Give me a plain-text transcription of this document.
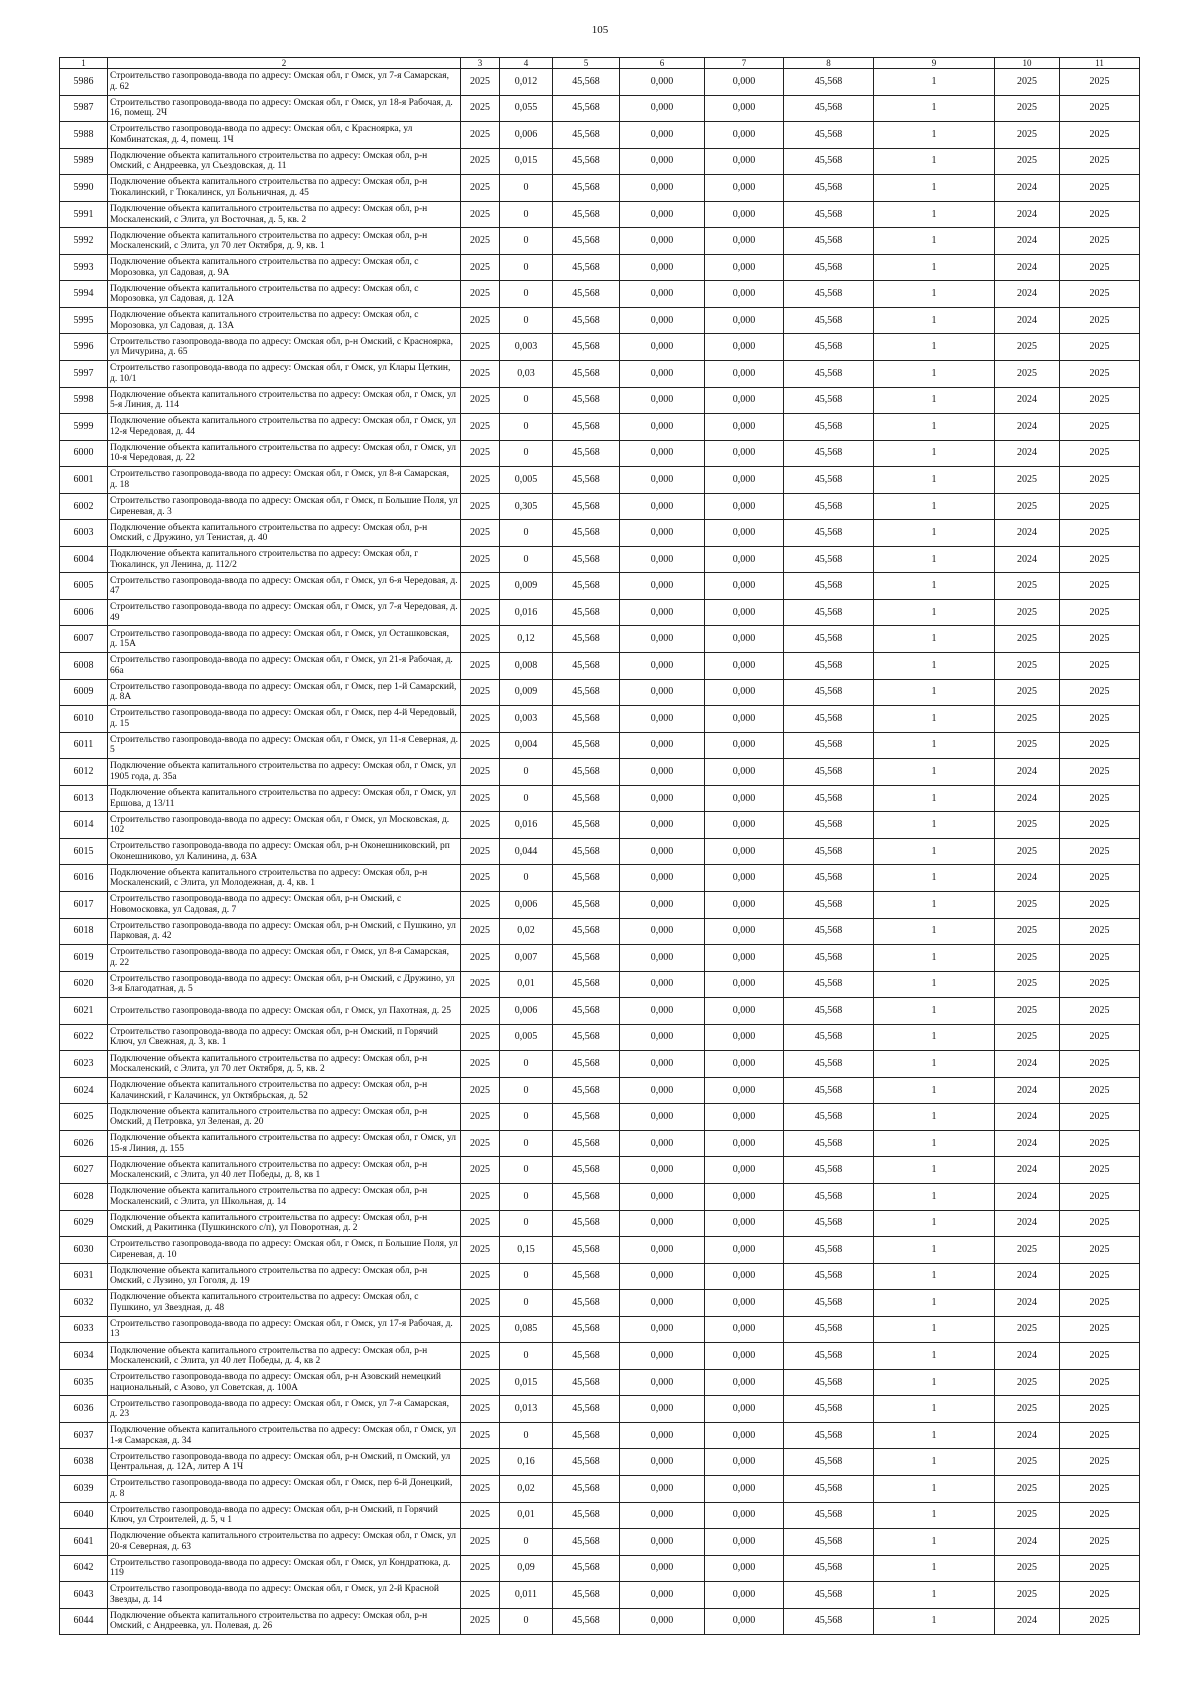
105
1	2	3	4	5	6	7	8	9	10	11
5986	Строительство газопровода-ввода по адресу: Омская обл, г Омск, ул 7-я Самарская, д. 62	2025	0,012	45,568	0,000	0,000	45,568	1	2025	2025
5987	Строительство газопровода-ввода по адресу: Омская обл, г Омск, ул 18-я Рабочая, д. 16, помещ. 2Ч	2025	0,055	45,568	0,000	0,000	45,568	1	2025	2025
5988	Строительство газопровода-ввода по адресу: Омская обл, с Красноярка, ул Комбинатская, д. 4, помещ. 1Ч	2025	0,006	45,568	0,000	0,000	45,568	1	2025	2025
5989	Подключение объекта капитального строительства по адресу: Омская обл, р-н Омский, с Андреевка, ул Съездовская, д. 11	2025	0,015	45,568	0,000	0,000	45,568	1	2025	2025
5990	Подключение объекта капитального строительства по адресу: Омская обл, р-н Тюкалинский, г Тюкалинск, ул Больничная, д. 45	2025	0	45,568	0,000	0,000	45,568	1	2024	2025
5991	Подключение объекта капитального строительства по адресу: Омская обл, р-н Москаленский, с Элита, ул Восточная, д. 5, кв. 2	2025	0	45,568	0,000	0,000	45,568	1	2024	2025
5992	Подключение объекта капитального строительства по адресу: Омская обл, р-н Москаленский, с Элита, ул 70 лет Октября, д. 9, кв. 1	2025	0	45,568	0,000	0,000	45,568	1	2024	2025
5993	Подключение объекта капитального строительства по адресу: Омская обл, с Морозовка, ул Садовая, д. 9А	2025	0	45,568	0,000	0,000	45,568	1	2024	2025
5994	Подключение объекта капитального строительства по адресу: Омская обл, с Морозовка, ул Садовая, д. 12А	2025	0	45,568	0,000	0,000	45,568	1	2024	2025
5995	Подключение объекта капитального строительства по адресу: Омская обл, с Морозовка, ул Садовая, д. 13А	2025	0	45,568	0,000	0,000	45,568	1	2024	2025
5996	Строительство газопровода-ввода по адресу: Омская обл, р-н Омский, с Красноярка, ул Мичурина, д. 65	2025	0,003	45,568	0,000	0,000	45,568	1	2025	2025
5997	Строительство газопровода-ввода по адресу: Омская обл, г Омск, ул Клары Цеткин, д. 10/1	2025	0,03	45,568	0,000	0,000	45,568	1	2025	2025
5998	Подключение объекта капитального строительства по адресу: Омская обл, г Омск, ул 5-я Линия, д. 114	2025	0	45,568	0,000	0,000	45,568	1	2024	2025
5999	Подключение объекта капитального строительства по адресу: Омская обл, г Омск, ул 12-я Чередовая, д. 44	2025	0	45,568	0,000	0,000	45,568	1	2024	2025
6000	Подключение объекта капитального строительства по адресу: Омская обл, г Омск, ул 10-я Чередовая, д. 22	2025	0	45,568	0,000	0,000	45,568	1	2024	2025
6001	Строительство газопровода-ввода по адресу: Омская обл, г Омск, ул 8-я Самарская, д. 18	2025	0,005	45,568	0,000	0,000	45,568	1	2025	2025
6002	Строительство газопровода-ввода по адресу: Омская обл, г Омск, п Большие Поля, ул Сиреневая, д. 3	2025	0,305	45,568	0,000	0,000	45,568	1	2025	2025
6003	Подключение объекта капитального строительства по адресу: Омская обл, р-н Омский, с Дружино, ул Тенистая, д. 40	2025	0	45,568	0,000	0,000	45,568	1	2024	2025
6004	Подключение объекта капитального строительства по адресу: Омская обл, г Тюкалинск, ул Ленина, д. 112/2	2025	0	45,568	0,000	0,000	45,568	1	2024	2025
6005	Строительство газопровода-ввода по адресу: Омская обл, г Омск, ул 6-я Чередовая, д. 47	2025	0,009	45,568	0,000	0,000	45,568	1	2025	2025
6006	Строительство газопровода-ввода по адресу: Омская обл, г Омск, ул 7-я Чередовая, д. 49	2025	0,016	45,568	0,000	0,000	45,568	1	2025	2025
6007	Строительство газопровода-ввода по адресу: Омская обл, г Омск, ул Осташковская, д. 15А	2025	0,12	45,568	0,000	0,000	45,568	1	2025	2025
6008	Строительство газопровода-ввода по адресу: Омская обл, г Омск, ул 21-я Рабочая, д. 66а	2025	0,008	45,568	0,000	0,000	45,568	1	2025	2025
6009	Строительство газопровода-ввода по адресу: Омская обл, г Омск, пер 1-й Самарский, д. 8А	2025	0,009	45,568	0,000	0,000	45,568	1	2025	2025
6010	Строительство газопровода-ввода по адресу: Омская обл, г Омск, пер 4-й Чередовый, д. 15	2025	0,003	45,568	0,000	0,000	45,568	1	2025	2025
6011	Строительство газопровода-ввода по адресу: Омская обл, г Омск, ул 11-я Северная, д. 5	2025	0,004	45,568	0,000	0,000	45,568	1	2025	2025
6012	Подключение объекта капитального строительства по адресу: Омская обл, г Омск, ул 1905 года, д. 35а	2025	0	45,568	0,000	0,000	45,568	1	2024	2025
6013	Подключение объекта капитального строительства по адресу: Омская обл, г Омск, ул Ершова, д 13/11	2025	0	45,568	0,000	0,000	45,568	1	2024	2025
6014	Строительство газопровода-ввода по адресу: Омская обл, г Омск, ул Московская, д. 102	2025	0,016	45,568	0,000	0,000	45,568	1	2025	2025
6015	Строительство газопровода-ввода по адресу: Омская обл, р-н Оконешниковский, рп Оконешниково, ул Калинина, д. 63А	2025	0,044	45,568	0,000	0,000	45,568	1	2025	2025
6016	Подключение объекта капитального строительства по адресу: Омская обл, р-н Москаленский, с Элита, ул Молодежная, д. 4, кв. 1	2025	0	45,568	0,000	0,000	45,568	1	2024	2025
6017	Строительство газопровода-ввода по адресу: Омская обл, р-н Омский, с Новомосковка, ул Садовая, д. 7	2025	0,006	45,568	0,000	0,000	45,568	1	2025	2025
6018	Строительство газопровода-ввода по адресу: Омская обл, р-н Омский, с Пушкино, ул Парковая, д. 42	2025	0,02	45,568	0,000	0,000	45,568	1	2025	2025
6019	Строительство газопровода-ввода по адресу: Омская обл, г Омск, ул 8-я Самарская, д. 22	2025	0,007	45,568	0,000	0,000	45,568	1	2025	2025
6020	Строительство газопровода-ввода по адресу: Омская обл, р-н Омский, с Дружино, ул 3-я Благодатная, д. 5	2025	0,01	45,568	0,000	0,000	45,568	1	2025	2025
6021	Строительство газопровода-ввода по адресу: Омская обл, г Омск, ул Пахотная, д. 25	2025	0,006	45,568	0,000	0,000	45,568	1	2025	2025
6022	Строительство газопровода-ввода по адресу: Омская обл, р-н Омский, п Горячий Ключ, ул Свежная, д. 3, кв. 1	2025	0,005	45,568	0,000	0,000	45,568	1	2025	2025
6023	Подключение объекта капитального строительства по адресу: Омская обл, р-н Москаленский, с Элита, ул 70 лет Октября, д. 5, кв. 2	2025	0	45,568	0,000	0,000	45,568	1	2024	2025
6024	Подключение объекта капитального строительства по адресу: Омская обл, р-н Калачинский, г Калачинск, ул Октябрьская, д. 52	2025	0	45,568	0,000	0,000	45,568	1	2024	2025
6025	Подключение объекта капитального строительства по адресу: Омская обл, р-н Омский, д Петровка, ул Зеленая, д. 20	2025	0	45,568	0,000	0,000	45,568	1	2024	2025
6026	Подключение объекта капитального строительства по адресу: Омская обл, г Омск, ул 15-я Линия, д. 155	2025	0	45,568	0,000	0,000	45,568	1	2024	2025
6027	Подключение объекта капитального строительства по адресу: Омская обл, р-н Москаленский, с Элита, ул 40 лет Победы, д. 8, кв 1	2025	0	45,568	0,000	0,000	45,568	1	2024	2025
6028	Подключение объекта капитального строительства по адресу: Омская обл, р-н Москаленский, с Элита, ул Школьная, д. 14	2025	0	45,568	0,000	0,000	45,568	1	2024	2025
6029	Подключение объекта капитального строительства по адресу: Омская обл, р-н Омский, д Ракитинка (Пушкинского с/п), ул Поворотная, д. 2	2025	0	45,568	0,000	0,000	45,568	1	2024	2025
6030	Строительство газопровода-ввода по адресу: Омская обл, г Омск, п Большие Поля, ул Сиреневая, д. 10	2025	0,15	45,568	0,000	0,000	45,568	1	2025	2025
6031	Подключение объекта капитального строительства по адресу: Омская обл, р-н Омский, с Лузино, ул Гоголя, д. 19	2025	0	45,568	0,000	0,000	45,568	1	2024	2025
6032	Подключение объекта капитального строительства по адресу: Омская обл, с Пушкино, ул Звездная, д. 48	2025	0	45,568	0,000	0,000	45,568	1	2024	2025
6033	Строительство газопровода-ввода по адресу: Омская обл, г Омск, ул 17-я Рабочая, д. 13	2025	0,085	45,568	0,000	0,000	45,568	1	2025	2025
6034	Подключение объекта капитального строительства по адресу: Омская обл, р-н Москаленский, с Элита, ул 40 лет Победы, д. 4, кв 2	2025	0	45,568	0,000	0,000	45,568	1	2024	2025
6035	Строительство газопровода-ввода по адресу: Омская обл, р-н Азовский немецкий национальный, с Азово, ул Советская, д. 100А	2025	0,015	45,568	0,000	0,000	45,568	1	2025	2025
6036	Строительство газопровода-ввода по адресу: Омская обл, г Омск, ул 7-я Самарская, д. 23	2025	0,013	45,568	0,000	0,000	45,568	1	2025	2025
6037	Подключение объекта капитального строительства по адресу: Омская обл, г Омск, ул 1-я Самарская, д. 34	2025	0	45,568	0,000	0,000	45,568	1	2024	2025
6038	Строительство газопровода-ввода по адресу: Омская обл, р-н Омский, п Омский, ул Центральная, д. 12А, литер А 1Ч	2025	0,16	45,568	0,000	0,000	45,568	1	2025	2025
6039	Строительство газопровода-ввода по адресу: Омская обл, г Омск, пер 6-й Донецкий, д. 8	2025	0,02	45,568	0,000	0,000	45,568	1	2025	2025
6040	Строительство газопровода-ввода по адресу: Омская обл, р-н Омский, п Горячий Ключ, ул Строителей, д. 5, ч 1	2025	0,01	45,568	0,000	0,000	45,568	1	2025	2025
6041	Подключение объекта капитального строительства по адресу: Омская обл, г Омск, ул 20-я Северная, д. 63	2025	0	45,568	0,000	0,000	45,568	1	2024	2025
6042	Строительство газопровода-ввода по адресу: Омская обл, г Омск, ул Кондратюка, д. 119	2025	0,09	45,568	0,000	0,000	45,568	1	2025	2025
6043	Строительство газопровода-ввода по адресу: Омская обл, г Омск, ул 2-й Красной Звезды, д. 14	2025	0,011	45,568	0,000	0,000	45,568	1	2025	2025
6044	Подключение объекта капитального строительства по адресу: Омская обл, р-н Омский, с Андреевка, ул. Полевая, д. 26	2025	0	45,568	0,000	0,000	45,568	1	2024	2025
